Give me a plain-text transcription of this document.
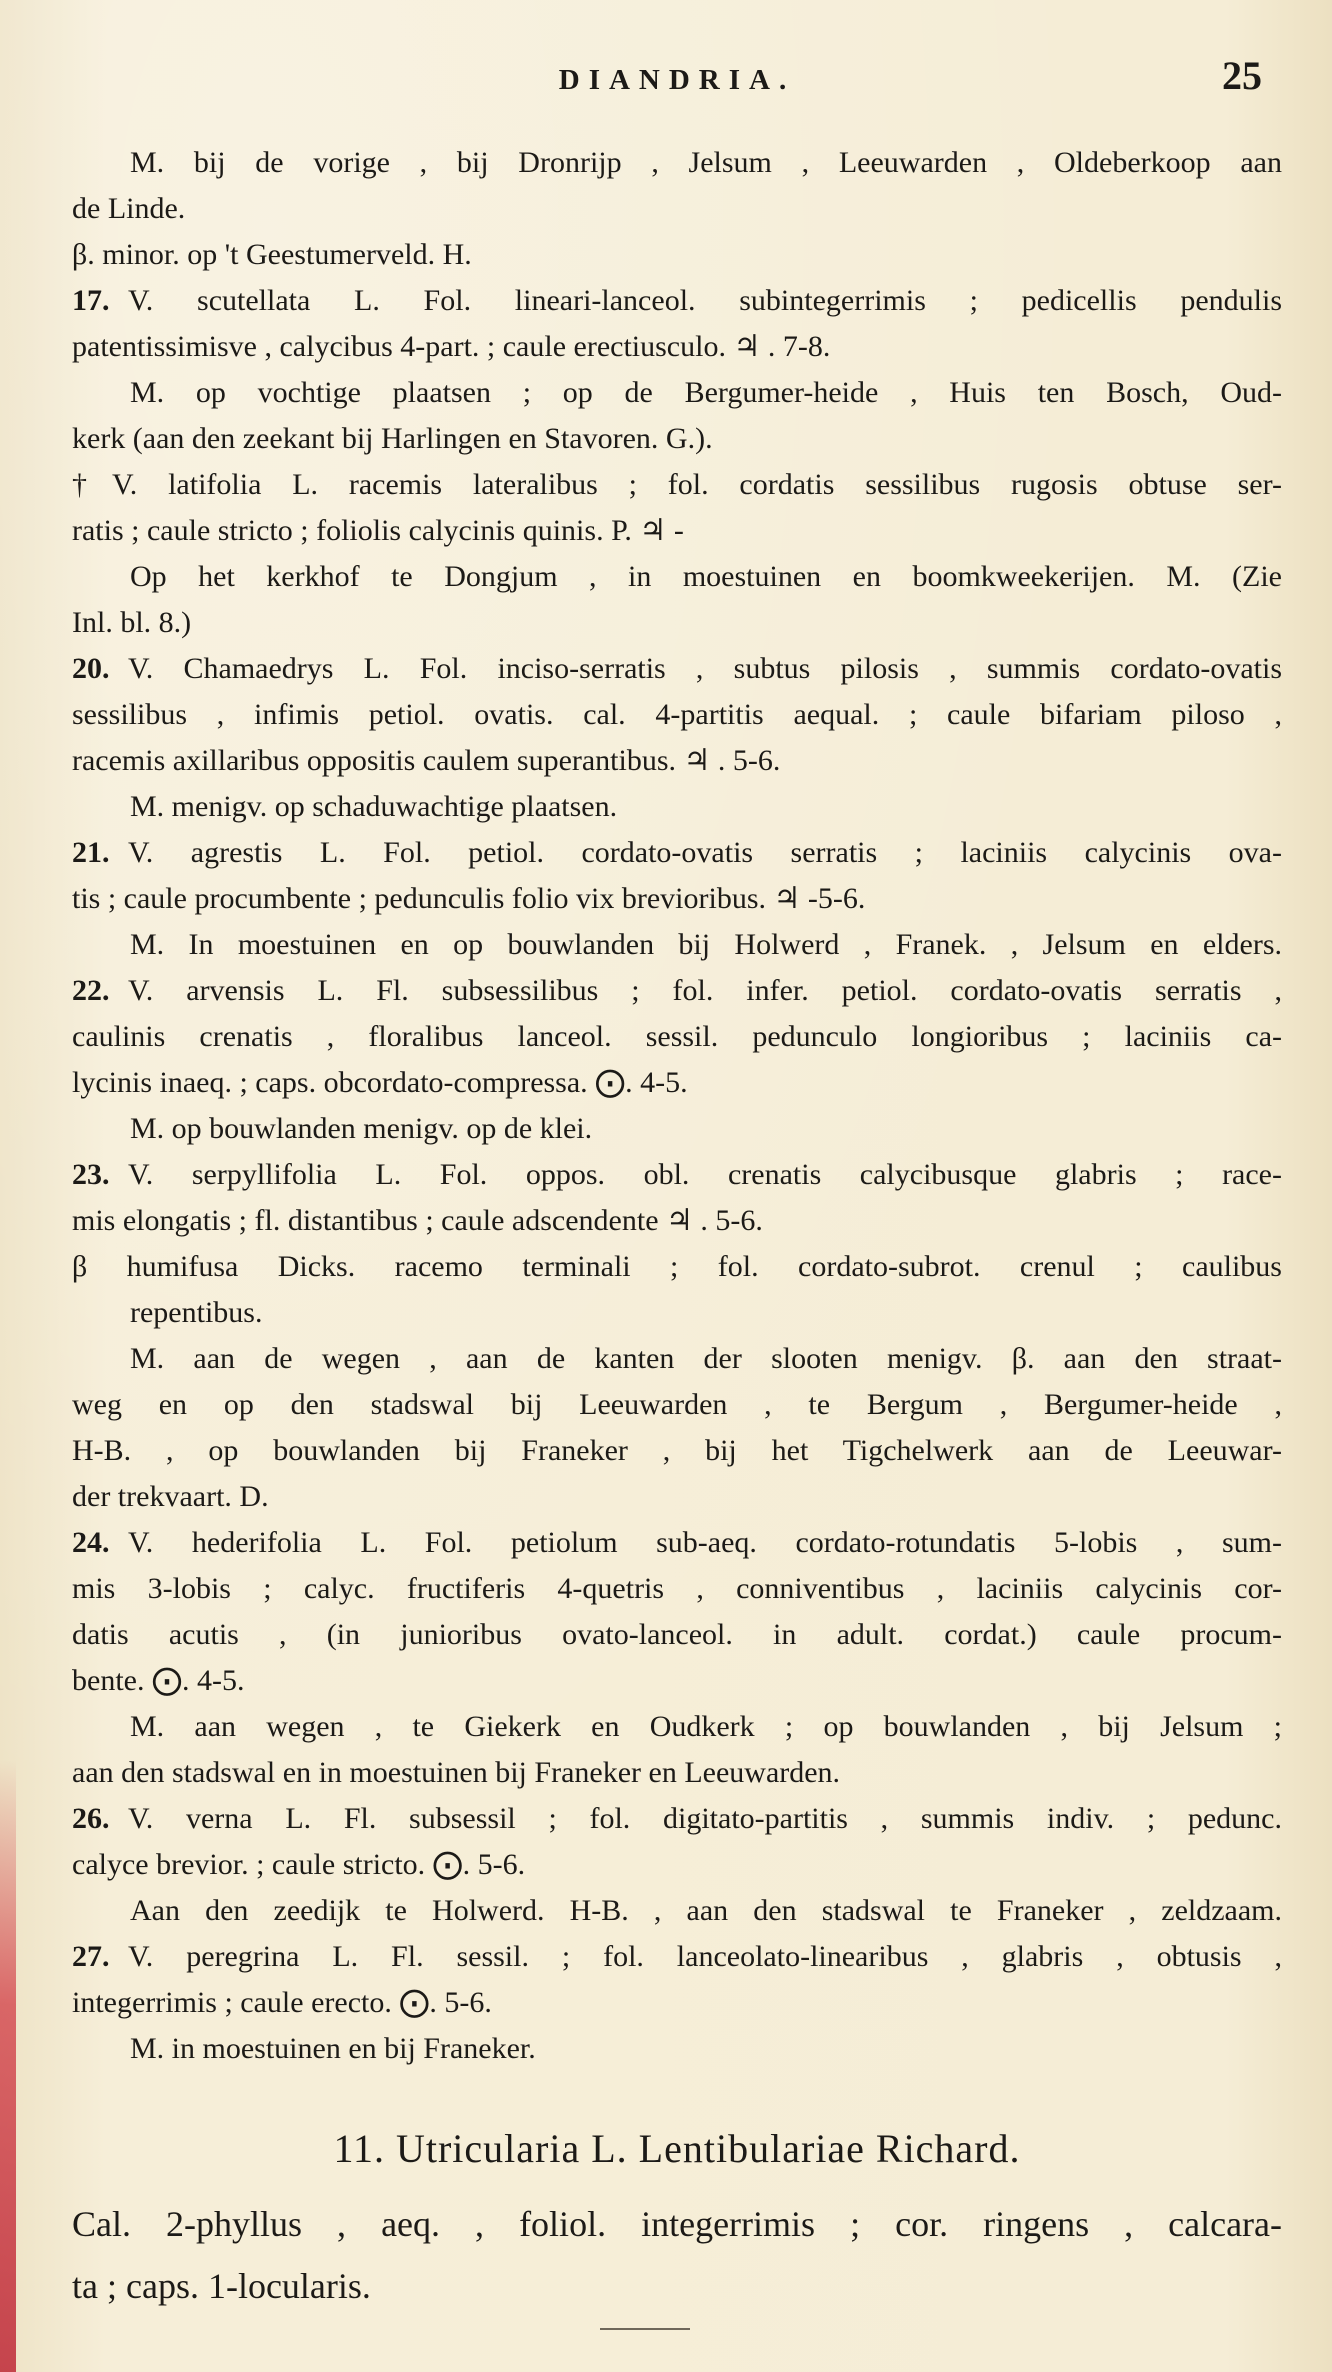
DIANDRIA.	25
M. bij de vorige , bij Dronrijp , Jelsum , Leeuwarden , Oldeberkoop aan
de Linde.
β. minor. op 't Geestumerveld. H.
17. V. scutellata L. Fol. lineari-lanceol. subintegerrimis ; pedicellis pendulis
patentissimisve , calycibus 4-part. ; caule erectiusculo. ♃ . 7-8.
M. op vochtige plaatsen ; op de Bergumer-heide , Huis ten Bosch, Oud-
kerk (aan den zeekant bij Harlingen en Stavoren. G.).
† V. latifolia L. racemis lateralibus ; fol. cordatis sessilibus rugosis obtuse ser-
ratis ; caule stricto ; foliolis calycinis quinis. P. ♃ -
Op het kerkhof te Dongjum , in moestuinen en boomkweekerijen. M. (Zie
Inl. bl. 8.)
20. V. Chamaedrys L. Fol. inciso-serratis , subtus pilosis , summis cordato-ovatis
sessilibus , infimis petiol. ovatis. cal. 4-partitis aequal. ; caule bifariam piloso ,
racemis axillaribus oppositis caulem superantibus. ♃ . 5-6.
M. menigv. op schaduwachtige plaatsen.
21. V. agrestis L. Fol. petiol. cordato-ovatis serratis ; laciniis calycinis ova-
tis ; caule procumbente ; pedunculis folio vix brevioribus. ♃ -5-6.
M. In moestuinen en op bouwlanden bij Holwerd , Franek. , Jelsum en elders.
22. V. arvensis L. Fl. subsessilibus ; fol. infer. petiol. cordato-ovatis serratis ,
caulinis crenatis , floralibus lanceol. sessil. pedunculo longioribus ; laciniis ca-
lycinis inaeq. ; caps. obcordato-compressa. ⨀. 4-5.
M. op bouwlanden menigv. op de klei.
23. V. serpyllifolia L. Fol. oppos. obl. crenatis calycibusque glabris ; race-
mis elongatis ; fl. distantibus ; caule adscendente ♃ . 5-6.
β humifusa Dicks. racemo terminali ; fol. cordato-subrot. crenul ; caulibus
repentibus.
M. aan de wegen , aan de kanten der slooten menigv. β. aan den straat-
weg en op den stadswal bij Leeuwarden , te Bergum , Bergumer-heide ,
H-B. , op bouwlanden bij Franeker , bij het Tigchelwerk aan de Leeuwar-
der trekvaart. D.
24. V. hederifolia L. Fol. petiolum sub-aeq. cordato-rotundatis 5-lobis , sum-
mis 3-lobis ; calyc. fructiferis 4-quetris , conniventibus , laciniis calycinis cor-
datis acutis , (in junioribus ovato-lanceol. in adult. cordat.) caule procum-
bente. ⨀. 4-5.
M. aan wegen , te Giekerk en Oudkerk ; op bouwlanden , bij Jelsum ;
aan den stadswal en in moestuinen bij Franeker en Leeuwarden.
26. V. verna L. Fl. subsessil ; fol. digitato-partitis , summis indiv. ; pedunc.
calyce brevior. ; caule stricto. ⨀. 5-6.
Aan den zeedijk te Holwerd. H-B. , aan den stadswal te Franeker , zeldzaam.
27. V. peregrina L. Fl. sessil. ; fol. lanceolato-linearibus , glabris , obtusis ,
integerrimis ; caule erecto. ⨀. 5-6.
M. in moestuinen en bij Franeker.
11. Utricularia L. Lentibulariae Richard.
Cal. 2-phyllus , aeq. , foliol. integerrimis ; cor. ringens , calcara-
ta ; caps. 1-locularis.
